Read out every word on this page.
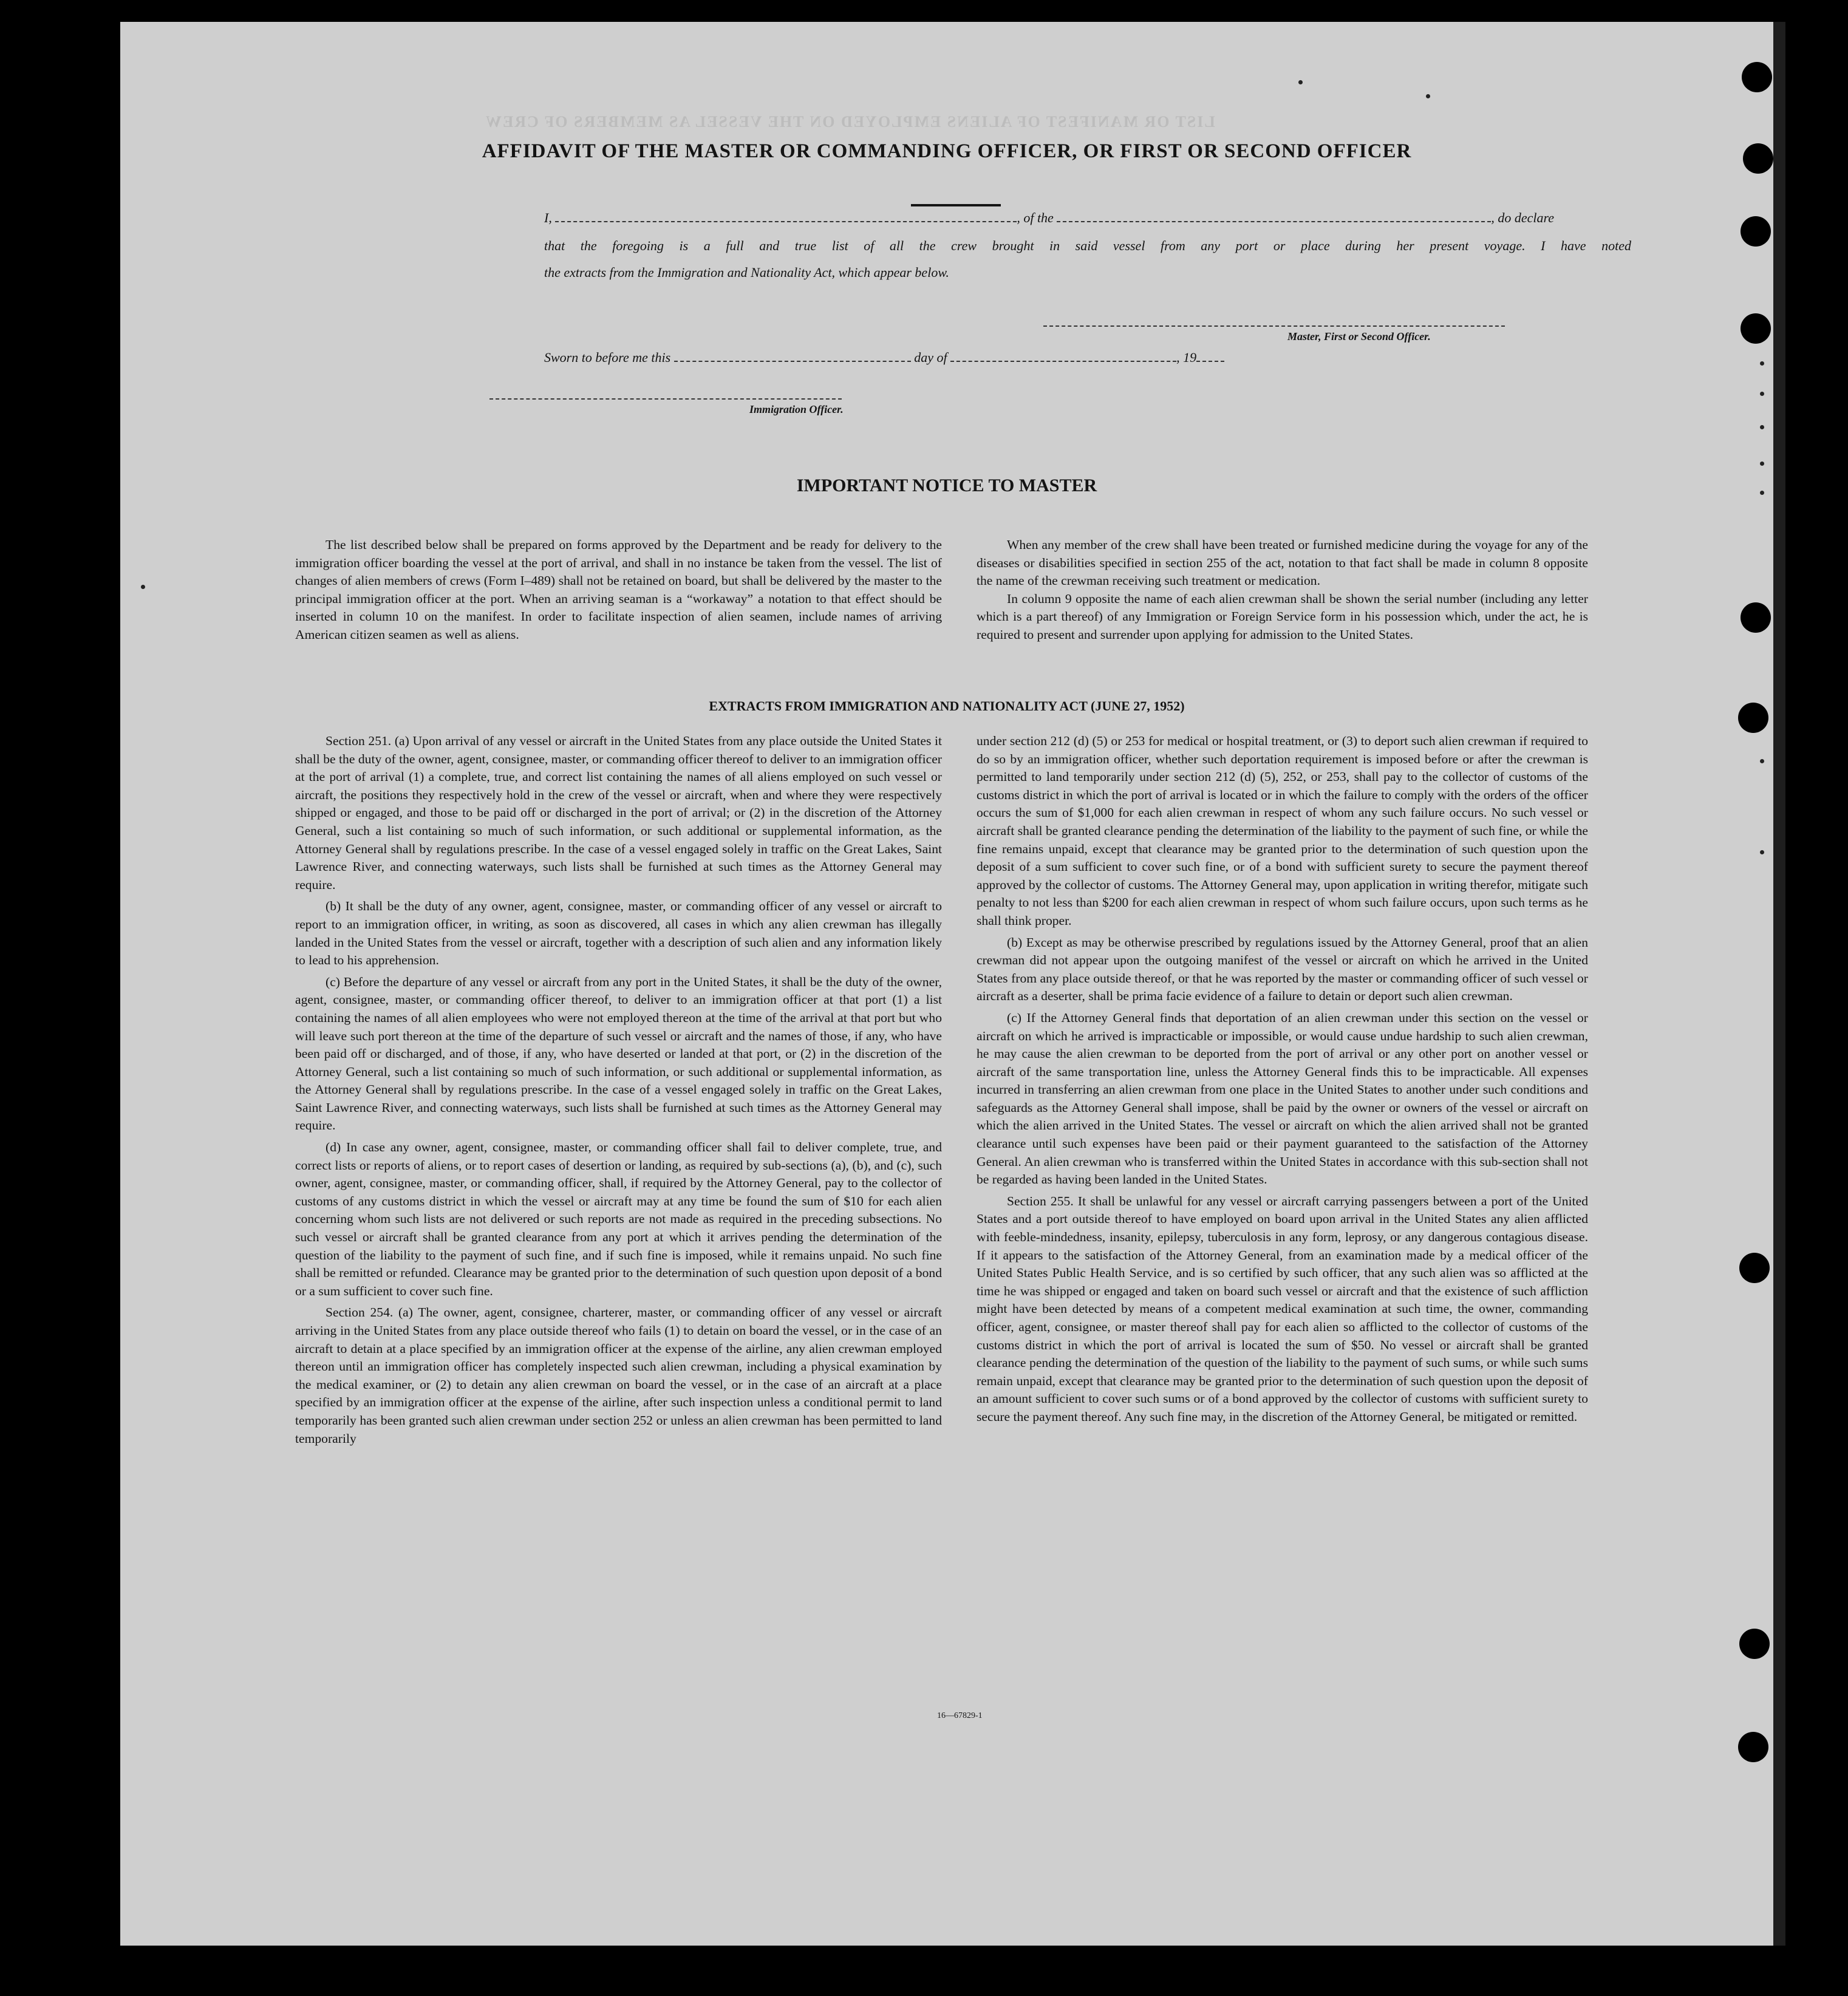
LIST OR MANIFEST OF ALIENS EMPLOYED ON THE VESSEL AS MEMBERS OF CREW
AFFIDAVIT OF THE MASTER OR COMMANDING OFFICER, OR FIRST OR SECOND OFFICER
I,	, of the	, do declare
that the foregoing is a full and true list of all the crew brought in said vessel from any port or place during her present voyage. I have noted
the extracts from the Immigration and Nationality Act, which appear below.
Master, First or Second Officer.
Sworn to before me this	day of	, 19
Immigration Officer.
IMPORTANT NOTICE TO MASTER

The list described below shall be prepared on forms approved by the Department and be ready for delivery to the immigration officer boarding the vessel at the port of arrival, and shall in no instance be taken from the vessel. The list of changes of alien members of crews (Form I–489) shall not be retained on board, but shall be delivered by the master to the principal immigration officer at the port. When an arriving seaman is a “workaway” a notation to that effect should be inserted in column 10 on the manifest. In order to facilitate inspection of alien seamen, include names of arriving American citizen seamen as well as aliens.

When any member of the crew shall have been treated or furnished medicine during the voyage for any of the diseases or disabilities specified in section 255 of the act, notation to that fact shall be made in column 8 opposite the name of the crewman receiving such treatment or medication.

In column 9 opposite the name of each alien crewman shall be shown the serial number (including any letter which is a part thereof) of any Immigration or Foreign Service form in his possession which, under the act, he is required to present and surrender upon applying for admission to the United States.

EXTRACTS FROM IMMIGRATION AND NATIONALITY ACT (JUNE 27, 1952)

Section 251. (a) Upon arrival of any vessel or aircraft in the United States from any place outside the United States it shall be the duty of the owner, agent, consignee, master, or commanding officer thereof to deliver to an immigration officer at the port of arrival (1) a complete, true, and correct list containing the names of all aliens employed on such vessel or aircraft, the positions they respectively hold in the crew of the vessel or aircraft, when and where they were respectively shipped or engaged, and those to be paid off or discharged in the port of arrival; or (2) in the discretion of the Attorney General, such a list containing so much of such information, or such additional or supplemental information, as the Attorney General shall by regulations prescribe. In the case of a vessel engaged solely in traffic on the Great Lakes, Saint Lawrence River, and connecting waterways, such lists shall be furnished at such times as the Attorney General may require.

(b) It shall be the duty of any owner, agent, consignee, master, or commanding officer of any vessel or aircraft to report to an immigration officer, in writing, as soon as discovered, all cases in which any alien crewman has illegally landed in the United States from the vessel or aircraft, together with a description of such alien and any information likely to lead to his apprehension.

(c) Before the departure of any vessel or aircraft from any port in the United States, it shall be the duty of the owner, agent, consignee, master, or commanding officer thereof, to deliver to an immigration officer at that port (1) a list containing the names of all alien employees who were not employed thereon at the time of the arrival at that port but who will leave such port thereon at the time of the departure of such vessel or aircraft and the names of those, if any, who have been paid off or discharged, and of those, if any, who have deserted or landed at that port, or (2) in the discretion of the Attorney General, such a list containing so much of such information, or such additional or supplemental information, as the Attorney General shall by regulations prescribe. In the case of a vessel engaged solely in traffic on the Great Lakes, Saint Lawrence River, and connecting waterways, such lists shall be furnished at such times as the Attorney General may require.

(d) In case any owner, agent, consignee, master, or commanding officer shall fail to deliver complete, true, and correct lists or reports of aliens, or to report cases of desertion or landing, as required by sub-sections (a), (b), and (c), such owner, agent, consignee, master, or commanding officer, shall, if required by the Attorney General, pay to the collector of customs of any customs district in which the vessel or aircraft may at any time be found the sum of $10 for each alien concerning whom such lists are not delivered or such reports are not made as required in the preceding subsections. No such vessel or aircraft shall be granted clearance from any port at which it arrives pending the determination of the question of the liability to the payment of such fine, and if such fine is imposed, while it remains unpaid. No such fine shall be remitted or refunded. Clearance may be granted prior to the determination of such question upon deposit of a bond or a sum sufficient to cover such fine.

Section 254. (a) The owner, agent, consignee, charterer, master, or commanding officer of any vessel or aircraft arriving in the United States from any place outside thereof who fails (1) to detain on board the vessel, or in the case of an aircraft to detain at a place specified by an immigration officer at the expense of the airline, any alien crewman employed thereon until an immigration officer has completely inspected such alien crewman, including a physical examination by the medical examiner, or (2) to detain any alien crewman on board the vessel, or in the case of an aircraft at a place specified by an immigration officer at the expense of the airline, after such inspection unless a conditional permit to land temporarily has been granted such alien crewman under section 252 or unless an alien crewman has been permitted to land temporarily

under section 212 (d) (5) or 253 for medical or hospital treatment, or (3) to deport such alien crewman if required to do so by an immigration officer, whether such deportation requirement is imposed before or after the crewman is permitted to land temporarily under section 212 (d) (5), 252, or 253, shall pay to the collector of customs of the customs district in which the port of arrival is located or in which the failure to comply with the orders of the officer occurs the sum of $1,000 for each alien crewman in respect of whom any such failure occurs. No such vessel or aircraft shall be granted clearance pending the determination of the liability to the payment of such fine, or while the fine remains unpaid, except that clearance may be granted prior to the determination of such question upon the deposit of a sum sufficient to cover such fine, or of a bond with sufficient surety to secure the payment thereof approved by the collector of customs. The Attorney General may, upon application in writing therefor, mitigate such penalty to not less than $200 for each alien crewman in respect of whom such failure occurs, upon such terms as he shall think proper.

(b) Except as may be otherwise prescribed by regulations issued by the Attorney General, proof that an alien crewman did not appear upon the outgoing manifest of the vessel or aircraft on which he arrived in the United States from any place outside thereof, or that he was reported by the master or commanding officer of such vessel or aircraft as a deserter, shall be prima facie evidence of a failure to detain or deport such alien crewman.

(c) If the Attorney General finds that deportation of an alien crewman under this section on the vessel or aircraft on which he arrived is impracticable or impossible, or would cause undue hardship to such alien crewman, he may cause the alien crewman to be deported from the port of arrival or any other port on another vessel or aircraft of the same transportation line, unless the Attorney General finds this to be impracticable. All expenses incurred in transferring an alien crewman from one place in the United States to another under such conditions and safeguards as the Attorney General shall impose, shall be paid by the owner or owners of the vessel or aircraft on which the alien arrived in the United States. The vessel or aircraft on which the alien arrived shall not be granted clearance until such expenses have been paid or their payment guaranteed to the satisfaction of the Attorney General. An alien crewman who is transferred within the United States in accordance with this sub-section shall not be regarded as having been landed in the United States.

Section 255. It shall be unlawful for any vessel or aircraft carrying passengers between a port of the United States and a port outside thereof to have employed on board upon arrival in the United States any alien afflicted with feeble-mindedness, insanity, epilepsy, tuberculosis in any form, leprosy, or any dangerous contagious disease. If it appears to the satisfaction of the Attorney General, from an examination made by a medical officer of the United States Public Health Service, and is so certified by such officer, that any such alien was so afflicted at the time he was shipped or engaged and taken on board such vessel or aircraft and that the existence of such affliction might have been detected by means of a competent medical examination at such time, the owner, commanding officer, agent, consignee, or master thereof shall pay for each alien so afflicted to the collector of customs of the customs district in which the port of arrival is located the sum of $50. No vessel or aircraft shall be granted clearance pending the determination of the question of the liability to the payment of such sums, or while such sums remain unpaid, except that clearance may be granted prior to the determination of such question upon the deposit of an amount sufficient to cover such sums or of a bond approved by the collector of customs with sufficient surety to secure the payment thereof. Any such fine may, in the discretion of the Attorney General, be mitigated or remitted.

16—67829-1
